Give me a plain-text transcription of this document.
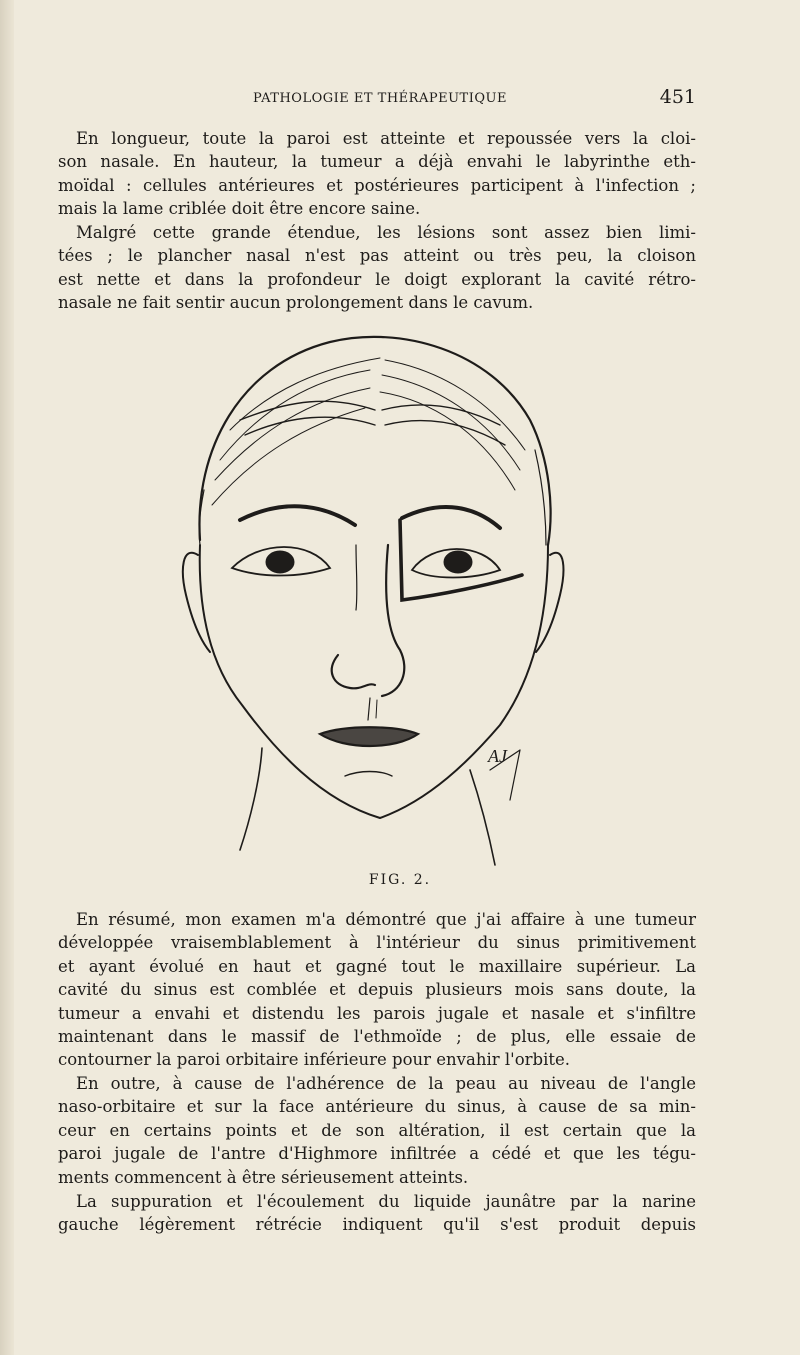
PATHOLOGIE ET THÉRAPEUTIQUE	451
En longueur, toute la paroi est atteinte et repoussée vers la cloi-
son nasale. En hauteur, la tumeur a déjà envahi le labyrinthe eth-
moïdal : cellules antérieures et postérieures participent à l'infection ;
mais la lame criblée doit être encore saine.
Malgré cette grande étendue, les lésions sont assez bien limi-
tées ; le plancher nasal n'est pas atteint ou très peu, la cloison
est nette et dans la profondeur le doigt explorant la cavité rétro-
nasale ne fait sentir aucun prolongement dans le cavum.
AJ
FIG. 2.
En résumé, mon examen m'a démontré que j'ai affaire à une tumeur
développée vraisemblablement à l'intérieur du sinus primitivement
et ayant évolué en haut et gagné tout le maxillaire supérieur. La
cavité du sinus est comblée et depuis plusieurs mois sans doute, la
tumeur a envahi et distendu les parois jugale et nasale et s'infiltre
maintenant dans le massif de l'ethmoïde ; de plus, elle essaie de
contourner la paroi orbitaire inférieure pour envahir l'orbite.
En outre, à cause de l'adhérence de la peau au niveau de l'angle
naso-orbitaire et sur la face antérieure du sinus, à cause de sa min-
ceur en certains points et de son altération, il est certain que la
paroi jugale de l'antre d'Highmore infiltrée a cédé et que les tégu-
ments commencent à être sérieusement atteints.
La suppuration et l'écoulement du liquide jaunâtre par la narine
gauche légèrement rétrécie indiquent qu'il s'est produit depuis
